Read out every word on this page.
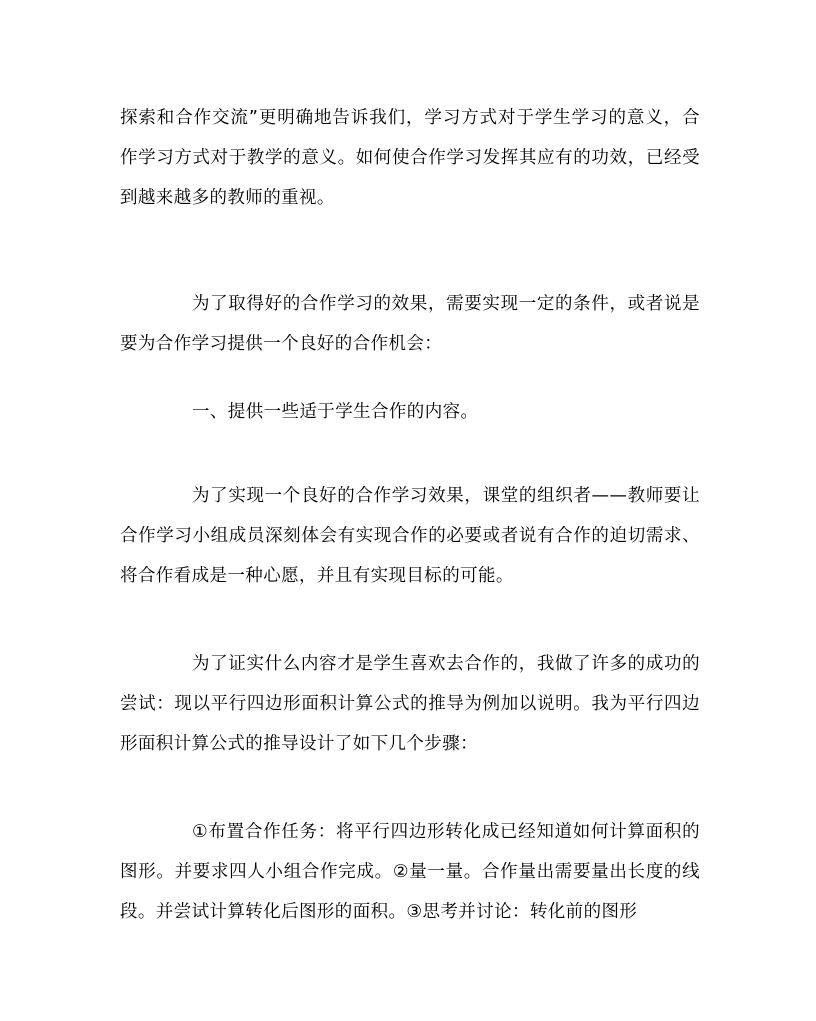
探索和合作交流”更明确地告诉我们，学习方式对于学生学习的意义，合作学习方式对于教学的意义。如何使合作学习发挥其应有的功效，已经受到越来越多的教师的重视。

为了取得好的合作学习的效果，需要实现一定的条件，或者说是要为合作学习提供一个良好的合作机会：

一、提供一些适于学生合作的内容。

为了实现一个良好的合作学习效果，课堂的组织者——教师要让合作学习小组成员深刻体会有实现合作的必要或者说有合作的迫切需求、将合作看成是一种心愿，并且有实现目标的可能。

为了证实什么内容才是学生喜欢去合作的，我做了许多的成功的尝试：现以平行四边形面积计算公式的推导为例加以说明。我为平行四边形面积计算公式的推导设计了如下几个步骤：

①布置合作任务：将平行四边形转化成已经知道如何计算面积的图形。并要求四人小组合作完成。②量一量。合作量出需要量出长度的线段。并尝试计算转化后图形的面积。③思考并讨论：转化前的图形
